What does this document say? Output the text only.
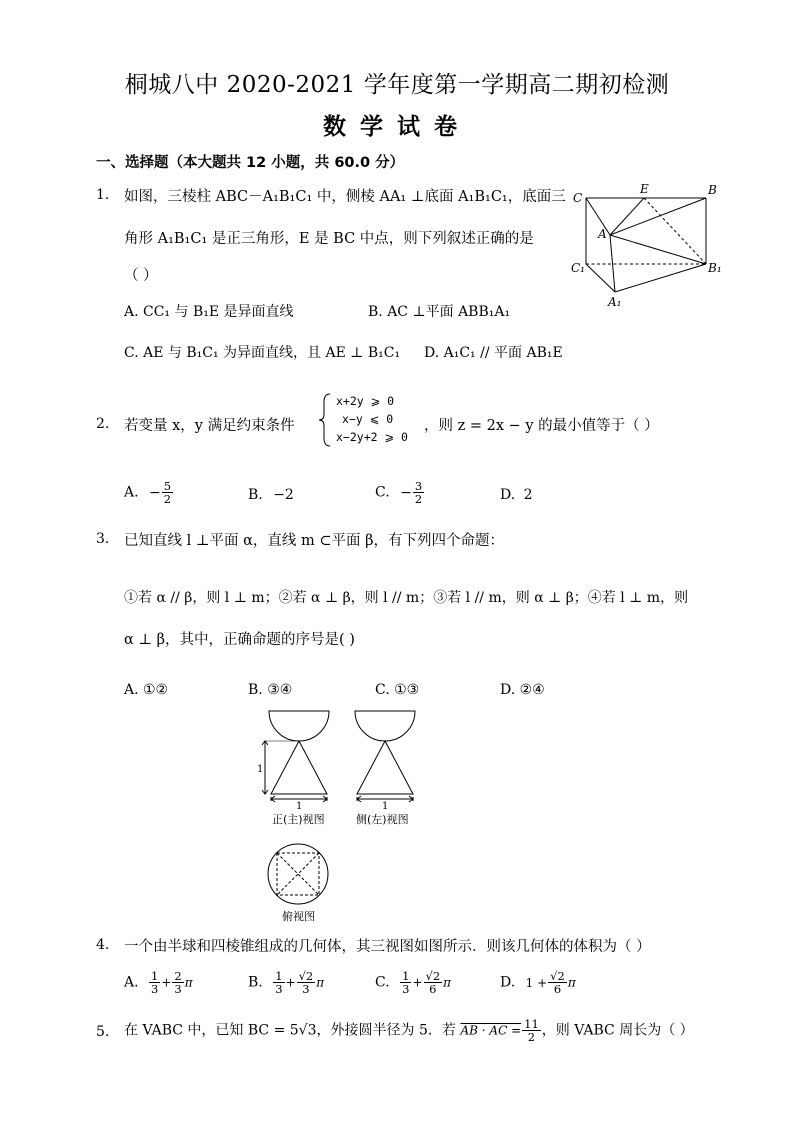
桐城八中 2020-2021 学年度第一学期高二期初检测
数学试卷
一、选择题（本大题共 12 小题，共 60.0 分）
1. 如图，三棱柱 ABC－A₁B₁C₁ 中，侧棱 AA₁ ⊥底面 A₁B₁C₁，底面三
角形 A₁B₁C₁ 是正三角形，E 是 BC 中点，则下列叙述正确的是
（ ）
A. CC₁ 与 B₁E 是异面直线	B. AC ⊥平面 ABB₁A₁
C. AE 与 B₁C₁ 为异面直线，且 AE ⊥ B₁C₁ D. A₁C₁ // 平面 AB₁E
C
E	B
A
C₁	B₁
A₁
2. 若变量 x，y 满足约束条件
x+2y ⩾ 0
x−y ⩽ 0
x−2y+2 ⩾ 0
，则 z = 2x − y 的最小值等于（ ）
A. − $\frac{5}{2}$	B. −2	C. − $\frac{3}{2}$	D. 2
3. 已知直线 l ⊥平面 α，直线 m ⊂平面 β，有下列四个命题：
①若 α // β，则 l ⊥ m；②若 α ⊥ β，则 l // m；③若 l // m，则 α ⊥ β；④若 l ⊥ m，则
α ⊥ β，其中，正确命题的序号是( )
A. ①②	B. ③④	C. ①③	D. ②④
1
1	1
正(主)视图	侧(左)视图
俯视图
4. 一个由半球和四棱锥组成的几何体，其三视图如图所示．则该几何体的体积为（ ）
A. $\frac{1}{3} + \frac{2}{3}$ π	B. $\frac{1}{3} + \frac{√2}{3}$ π	C. $\frac{1}{3} + \frac{√2}{6}$ π	D. $1 + \frac{√2}{6}$ π
5. 在 VABC 中，已知 BC = 5√3，外接圆半径为 5．若 AB · AC = $\frac{11}{2}$ ，则 VABC 周长为（ ）
